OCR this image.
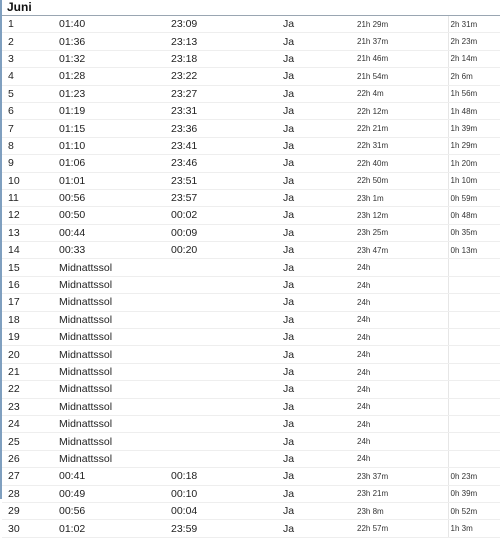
Juni
1	01:40	23:09	Ja	21h 29m	2h 31m
2	01:36	23:13	Ja	21h 37m	2h 23m
3	01:32	23:18	Ja	21h 46m	2h 14m
4	01:28	23:22	Ja	21h 54m	2h 6m
5	01:23	23:27	Ja	22h 4m	1h 56m
6	01:19	23:31	Ja	22h 12m	1h 48m
7	01:15	23:36	Ja	22h 21m	1h 39m
8	01:10	23:41	Ja	22h 31m	1h 29m
9	01:06	23:46	Ja	22h 40m	1h 20m
10	01:01	23:51	Ja	22h 50m	1h 10m
11	00:56	23:57	Ja	23h 1m	0h 59m
12	00:50	00:02	Ja	23h 12m	0h 48m
13	00:44	00:09	Ja	23h 25m	0h 35m
14	00:33	00:20	Ja	23h 47m	0h 13m
15	Midnattssol		Ja	24h	
16	Midnattssol		Ja	24h	
17	Midnattssol		Ja	24h	
18	Midnattssol		Ja	24h	
19	Midnattssol		Ja	24h	
20	Midnattssol		Ja	24h	
21	Midnattssol		Ja	24h	
22	Midnattssol		Ja	24h	
23	Midnattssol		Ja	24h	
24	Midnattssol		Ja	24h	
25	Midnattssol		Ja	24h	
26	Midnattssol		Ja	24h	
27	00:41	00:18	Ja	23h 37m	0h 23m
28	00:49	00:10	Ja	23h 21m	0h 39m
29	00:56	00:04	Ja	23h 8m	0h 52m
30	01:02	23:59	Ja	22h 57m	1h 3m
